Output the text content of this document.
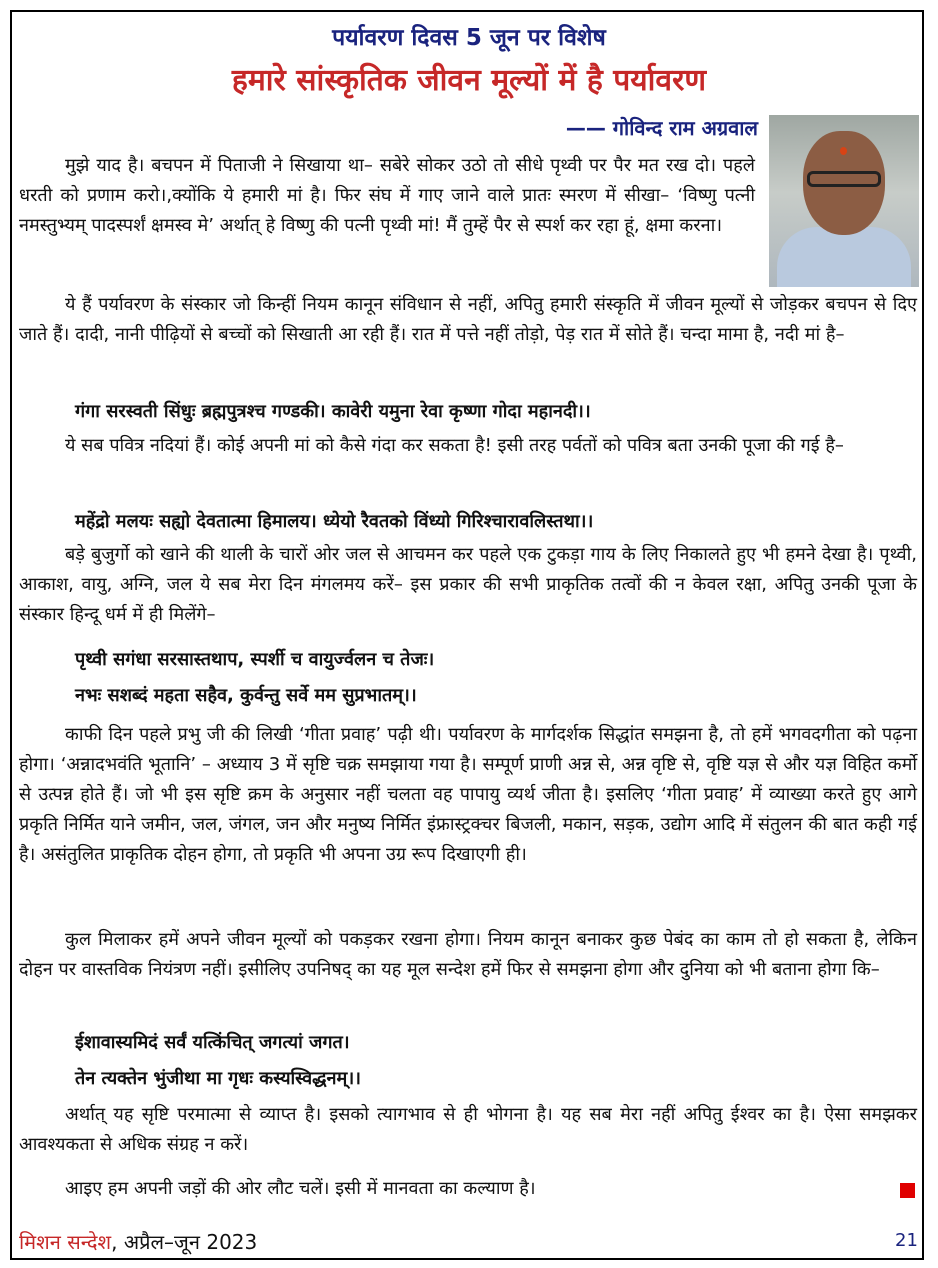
पर्यावरण दिवस 5 जून पर विशेष
हमारे सांस्कृतिक जीवन मूल्यों में है पर्यावरण
—— गोविन्द राम अग्रवाल
मुझे याद है। बचपन में पिताजी ने सिखाया था– सबेरे सोकर उठो तो सीधे पृथ्वी पर पैर मत रख दो। पहले धरती को प्रणाम करो।,क्योंकि ये हमारी मां है। फिर संघ में गाए जाने वाले प्रातः स्मरण में सीखा– ‘विष्णु पत्नी नमस्तुभ्यम् पादस्पर्शं क्षमस्व मे’ अर्थात् हे विष्णु की पत्नी पृथ्वी मां! मैं तुम्हें पैर से स्पर्श कर रहा हूं, क्षमा करना।
ये हैं पर्यावरण के संस्कार जो किन्हीं नियम कानून संविधान से नहीं, अपितु हमारी संस्कृति में जीवन मूल्यों से जोड़कर बचपन से दिए जाते हैं। दादी, नानी पीढ़ियों से बच्चों को सिखाती आ रही हैं। रात में पत्ते नहीं तोड़ो, पेड़ रात में सोते हैं। चन्दा मामा है, नदी मां है–
गंगा सरस्वती सिंधुः ब्रह्मपुत्रश्च गण्डकी। कावेरी यमुना रेवा कृष्णा गोदा महानदी।।
ये सब पवित्र नदियां हैं। कोई अपनी मां को कैसे गंदा कर सकता है! इसी तरह पर्वतों को पवित्र बता उनकी पूजा की गई है–
महेंद्रो मलयः सह्यो देवतात्मा हिमालय। ध्येयो रैवतको विंध्यो गिरिश्चारावलिस्तथा।।
बड़े बुजुर्गो को खाने की थाली के चारों ओर जल से आचमन कर पहले एक टुकड़ा गाय के लिए निकालते हुए भी हमने देखा है। पृथ्वी, आकाश, वायु, अग्नि, जल ये सब मेरा दिन मंगलमय करें– इस प्रकार की सभी प्राकृतिक तत्वों की न केवल रक्षा, अपितु उनकी पूजा के संस्कार हिन्दू धर्म में ही मिलेंगे–
पृथ्वी सगंधा सरसास्तथाप, स्पर्शी च वायुर्ज्वलन च तेजः।
नभः सशब्दं महता सहैव, कुर्वन्तु सर्वे मम सुप्रभातम्।।
काफी दिन पहले प्रभु जी की लिखी ‘गीता प्रवाह’ पढ़ी थी। पर्यावरण के मार्गदर्शक सिद्धांत समझना है, तो हमें भगवदगीता को पढ़ना होगा। ‘अन्नादभवंति भूतानि’ – अध्याय 3 में सृष्टि चक्र समझाया गया है। सम्पूर्ण प्राणी अन्न से, अन्न वृष्टि से, वृष्टि यज्ञ से और यज्ञ विहित कर्मो से उत्पन्न होते हैं। जो भी इस सृष्टि क्रम के अनुसार नहीं चलता वह पापायु व्यर्थ जीता है। इसलिए ‘गीता प्रवाह’ में व्याख्या करते हुए आगे प्रकृति निर्मित याने जमीन, जल, जंगल, जन और मनुष्य निर्मित इंफ्रास्ट्रक्चर बिजली, मकान, सड़क, उद्योग आदि में संतुलन की बात कही गई है। असंतुलित प्राकृतिक दोहन होगा, तो प्रकृति भी अपना उग्र रूप दिखाएगी ही।
कुल मिलाकर हमें अपने जीवन मूल्यों को पकड़कर रखना होगा। नियम कानून बनाकर कुछ पेबंद का काम तो हो सकता है, लेकिन दोहन पर वास्तविक नियंत्रण नहीं। इसीलिए उपनिषद् का यह मूल सन्देश हमें फिर से समझना होगा और दुनिया को भी बताना होगा कि–
ईशावास्यमिदं सर्वं यत्किंचित् जगत्यां जगत।
तेन त्यक्तेन भुंजीथा मा गृधः कस्यस्विद्धनम्।।
अर्थात् यह सृष्टि परमात्मा से व्याप्त है। इसको त्यागभाव से ही भोगना है। यह सब मेरा नहीं अपितु ईश्वर का है। ऐसा समझकर आवश्यकता से अधिक संग्रह न करें।
आइए हम अपनी जड़ों की ओर लौट चलें। इसी में मानवता का कल्याण है।
मिशन सन्देश, अप्रैल–जून 2023	21
